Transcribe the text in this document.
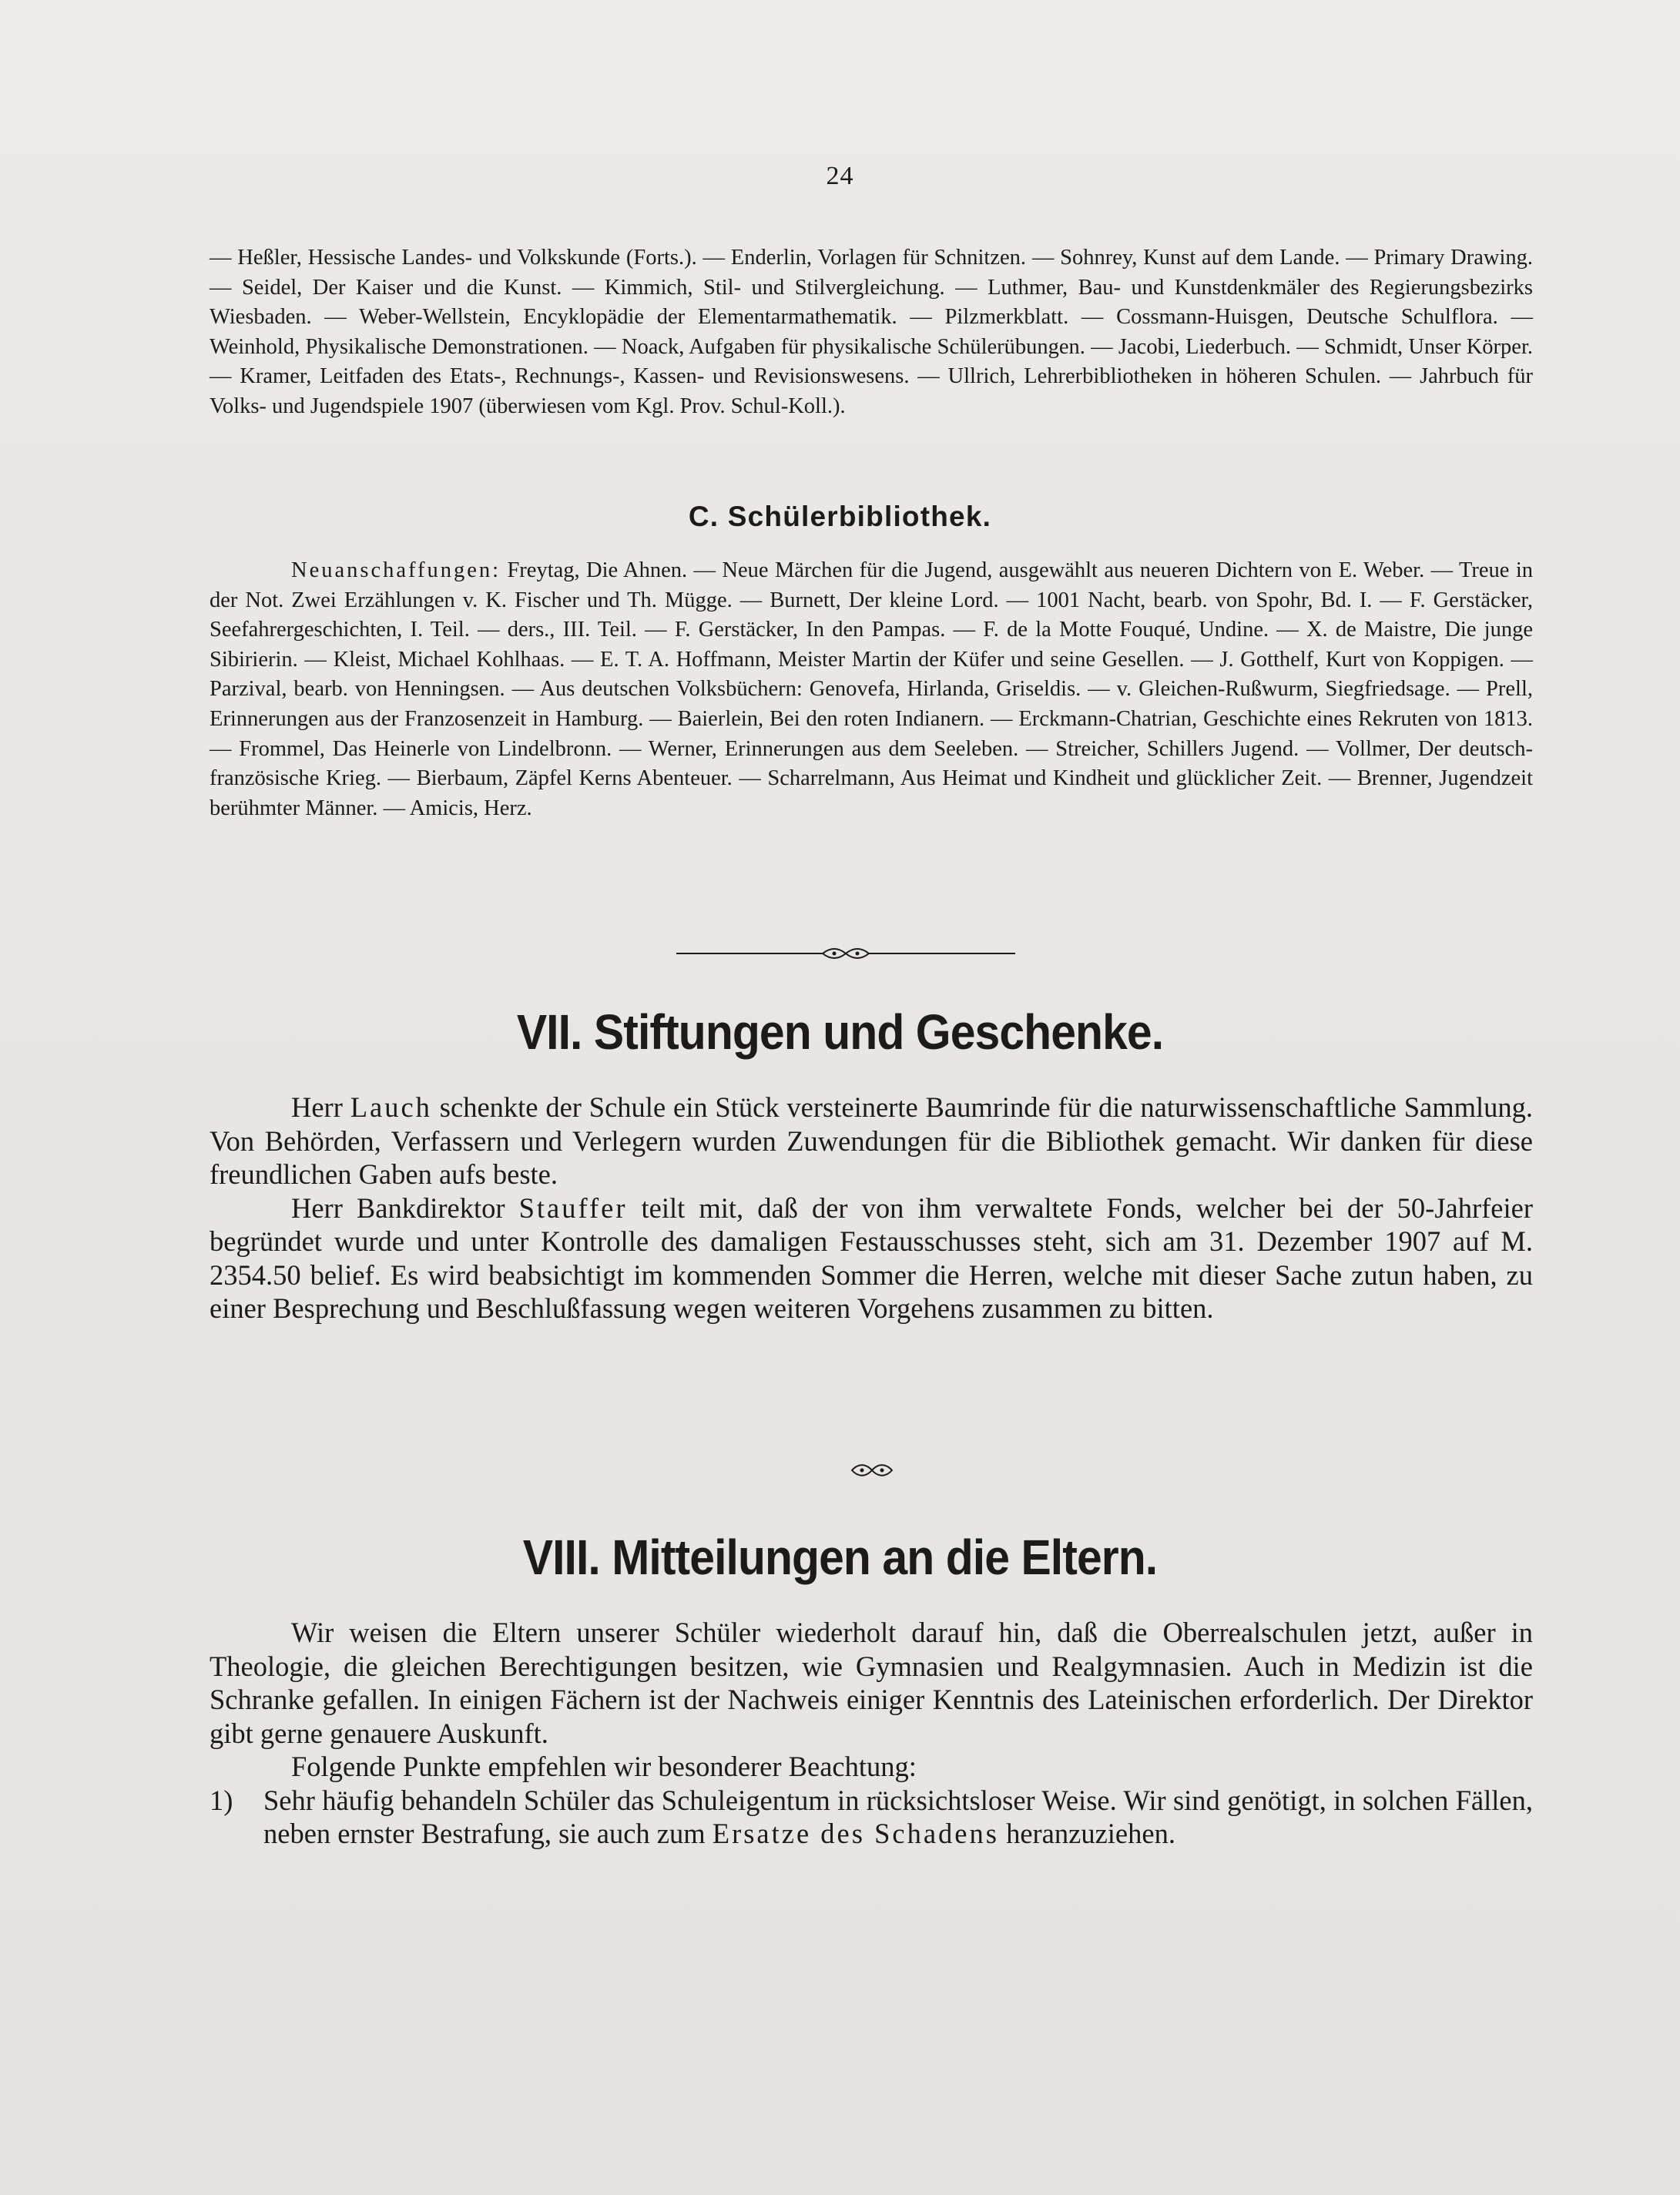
24

— Heßler, Hessische Landes- und Volkskunde (Forts.). — Enderlin, Vorlagen für Schnitzen. — Sohnrey, Kunst auf dem Lande. — Primary Drawing. — Seidel, Der Kaiser und die Kunst. — Kimmich, Stil- und Stilvergleichung. — Luthmer, Bau- und Kunstdenkmäler des Regierungsbezirks Wiesbaden. — Weber-Wellstein, Encyklopädie der Elementarmathematik. — Pilzmerkblatt. — Cossmann-Huisgen, Deutsche Schulflora. — Weinhold, Physikalische Demonstrationen. — Noack, Aufgaben für physikalische Schülerübungen. — Jacobi, Liederbuch. — Schmidt, Unser Körper. — Kramer, Leitfaden des Etats-, Rechnungs-, Kassen- und Revisionswesens. — Ullrich, Lehrerbibliotheken in höheren Schulen. — Jahrbuch für Volks- und Jugendspiele 1907 (überwiesen vom Kgl. Prov. Schul-Koll.).

C. Schülerbibliothek.

Neuanschaffungen: Freytag, Die Ahnen. — Neue Märchen für die Jugend, ausgewählt aus neueren Dichtern von E. Weber. — Treue in der Not. Zwei Erzählungen v. K. Fischer und Th. Mügge. — Burnett, Der kleine Lord. — 1001 Nacht, bearb. von Spohr, Bd. I. — F. Gerstäcker, Seefahrergeschichten, I. Teil. — ders., III. Teil. — F. Gerstäcker, In den Pampas. — F. de la Motte Fouqué, Undine. — X. de Maistre, Die junge Sibirierin. — Kleist, Michael Kohlhaas. — E. T. A. Hoffmann, Meister Martin der Küfer und seine Gesellen. — J. Gotthelf, Kurt von Koppigen. — Parzival, bearb. von Henningsen. — Aus deutschen Volksbüchern: Genovefa, Hirlanda, Griseldis. — v. Gleichen-Rußwurm, Siegfriedsage. — Prell, Erinnerungen aus der Franzosenzeit in Hamburg. — Baierlein, Bei den roten Indianern. — Erckmann-Chatrian, Geschichte eines Rekruten von 1813. — Frommel, Das Heinerle von Lindelbronn. — Werner, Erinnerungen aus dem Seeleben. — Streicher, Schillers Jugend. — Vollmer, Der deutsch-französische Krieg. — Bierbaum, Zäpfel Kerns Abenteuer. — Scharrelmann, Aus Heimat und Kindheit und glücklicher Zeit. — Brenner, Jugendzeit berühmter Männer. — Amicis, Herz.

VII. Stiftungen und Geschenke.

Herr Lauch schenkte der Schule ein Stück versteinerte Baumrinde für die naturwissenschaftliche Sammlung. Von Behörden, Verfassern und Verlegern wurden Zuwendungen für die Bibliothek gemacht. Wir danken für diese freundlichen Gaben aufs beste.

Herr Bankdirektor Stauffer teilt mit, daß der von ihm verwaltete Fonds, welcher bei der 50-Jahrfeier begründet wurde und unter Kontrolle des damaligen Festausschusses steht, sich am 31. Dezember 1907 auf M. 2354.50 belief. Es wird beabsichtigt im kommenden Sommer die Herren, welche mit dieser Sache zutun haben, zu einer Besprechung und Beschlußfassung wegen weiteren Vorgehens zusammen zu bitten.

VIII. Mitteilungen an die Eltern.

Wir weisen die Eltern unserer Schüler wiederholt darauf hin, daß die Oberrealschulen jetzt, außer in Theologie, die gleichen Berechtigungen besitzen, wie Gymnasien und Realgymnasien. Auch in Medizin ist die Schranke gefallen. In einigen Fächern ist der Nachweis einiger Kenntnis des Lateinischen erforderlich. Der Direktor gibt gerne genauere Auskunft.

Folgende Punkte empfehlen wir besonderer Beachtung:

1)	Sehr häufig behandeln Schüler das Schuleigentum in rücksichtsloser Weise. Wir sind genötigt, in solchen Fällen, neben ernster Bestrafung, sie auch zum Ersatze des Schadens heranzuziehen.
